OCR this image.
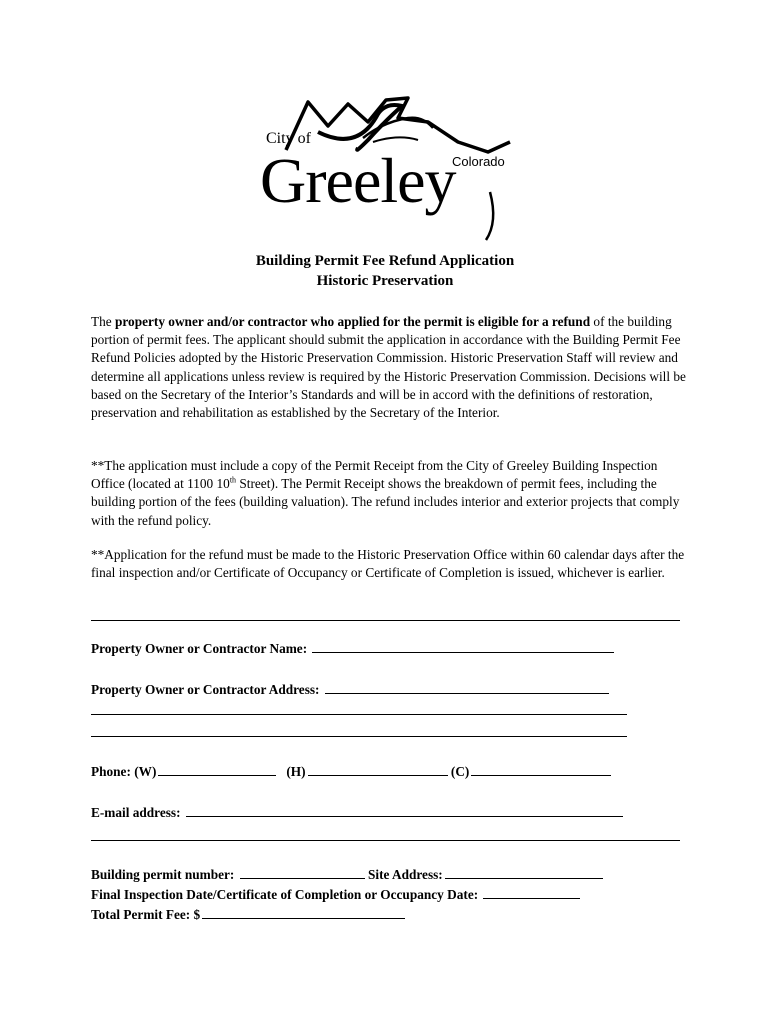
City of
Colorado
Greeley
Building Permit Fee Refund Application
Historic Preservation

The property owner and/or contractor who applied for the permit is eligible for a refund of the building portion of permit fees. The applicant should submit the application in accordance with the Building Permit Fee Refund Policies adopted by the Historic Preservation Commission. Historic Preservation Staff will review and determine all applications unless review is required by the Historic Preservation Commission. Decisions will be based on the Secretary of the Interior’s Standards and will be in accord with the definitions of restoration, preservation and rehabilitation as established by the Secretary of the Interior.

**The application must include a copy of the Permit Receipt from the City of Greeley Building Inspection Office (located at 1100 10th Street). The Permit Receipt shows the breakdown of permit fees, including the building portion of the fees (building valuation). The refund includes interior and exterior projects that comply with the refund policy.

**Application for the refund must be made to the Historic Preservation Office within 60 calendar days after the final inspection and/or Certificate of Occupancy or Certificate of Completion is issued, whichever is earlier.

Property Owner or Contractor Name:
Property Owner or Contractor Address:
Phone: (W)	(H)	(C)
E-mail address:
Building permit number:	Site Address:
Final Inspection Date/Certificate of Completion or Occupancy Date:
Total Permit Fee: $
